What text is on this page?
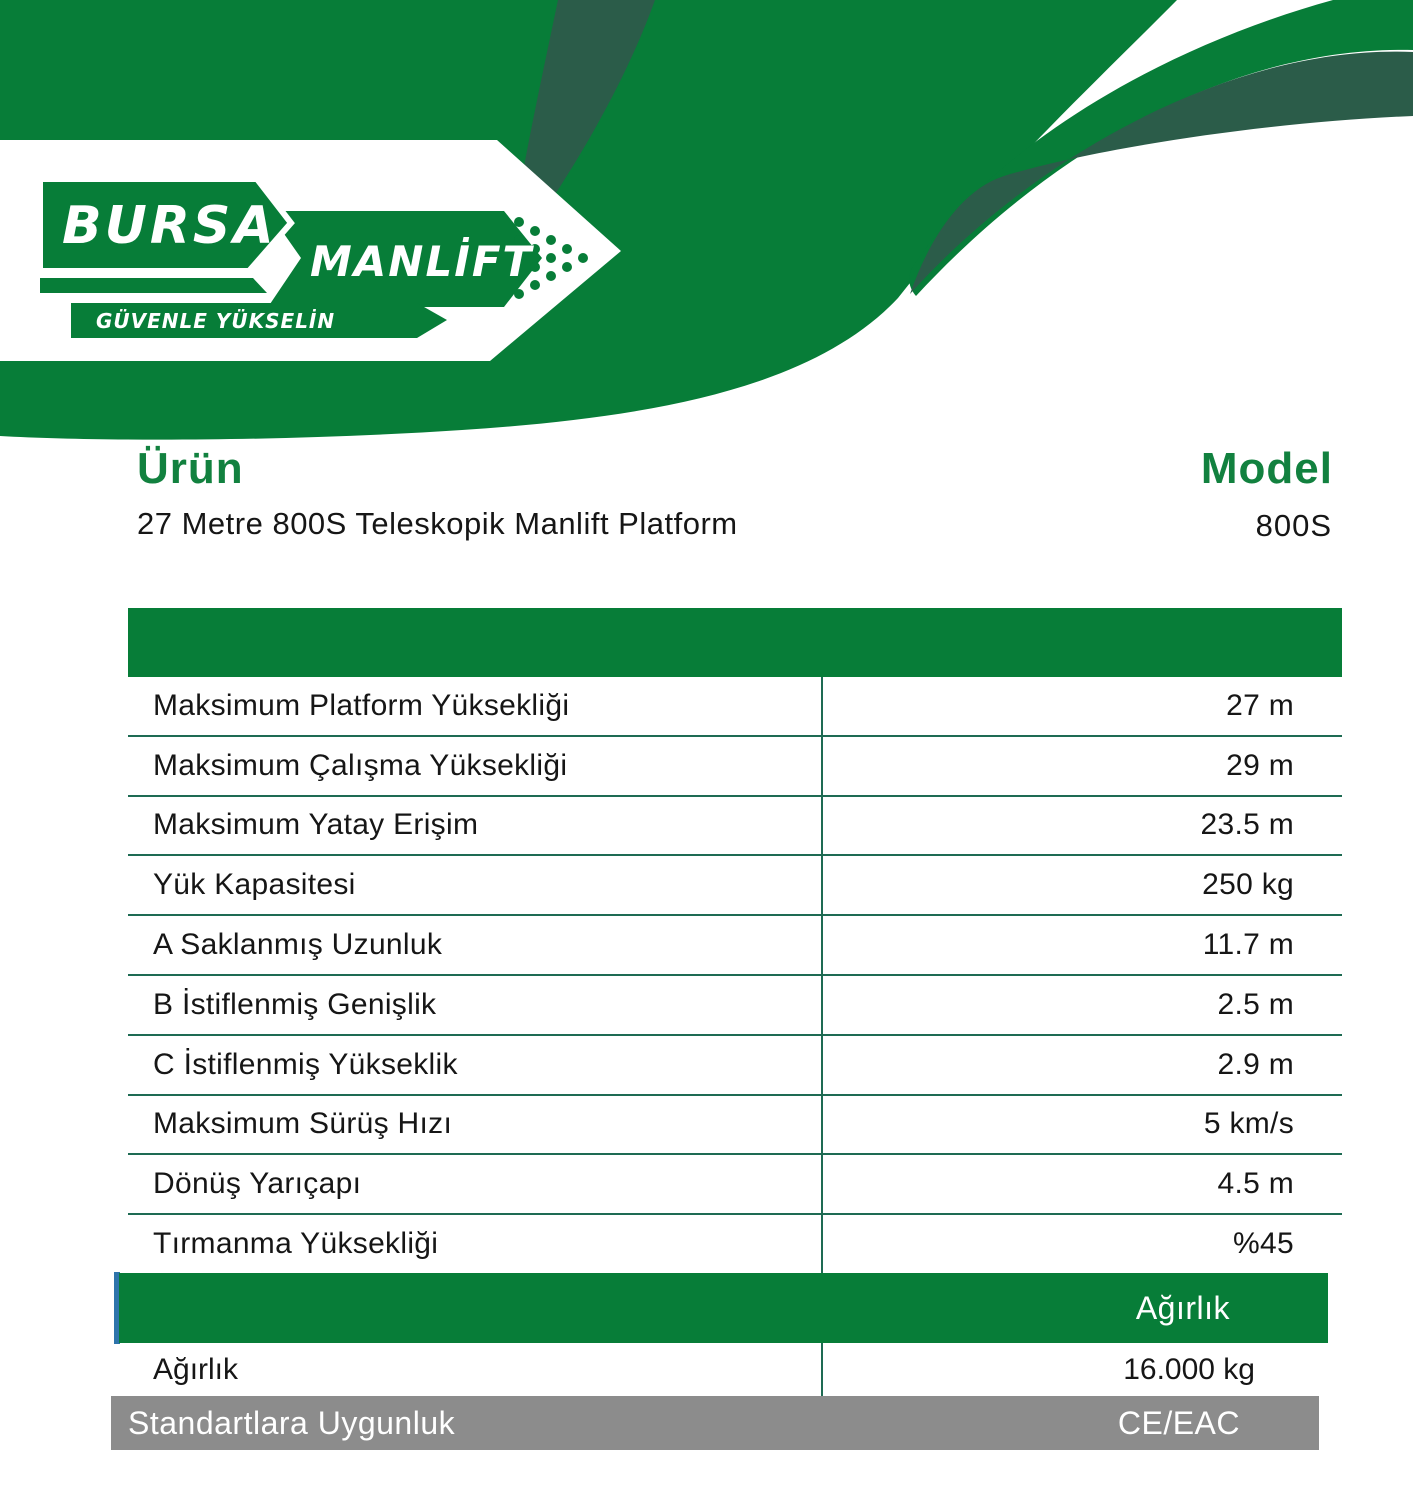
BURSA
MANLİFT
GÜVENLE YÜKSELİN
Ürün
27 Metre 800S Teleskopik Manlift Platform
Model
800S
Maksimum Platform Yüksekliği	27 m
Maksimum Çalışma Yüksekliği	29 m
Maksimum Yatay Erişim	23.5 m
Yük Kapasitesi	250 kg
A Saklanmış Uzunluk	11.7 m
B İstiflenmiş Genişlik	2.5 m
C İstiflenmiş Yükseklik	2.9 m
Maksimum Sürüş Hızı	5 km/s
Dönüş Yarıçapı	4.5 m
Tırmanma Yüksekliği	%45
Ağırlık
Ağırlık	16.000 kg
Standartlara Uygunluk	CE/EAC
